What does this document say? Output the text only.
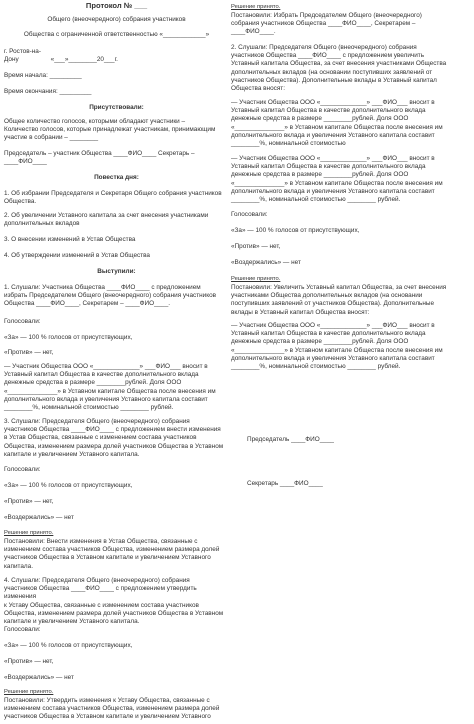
Протокол № ___
Общего (внеочередного) собрания участников
Общества с ограниченной ответственностью «____________»
г. Ростов-на-
Дону                  «___»________20___г.
Время начала: _________
Время окончания: _________
Присутствовали:
Общее количество голосов, которыми обладают участники –
Количество голосов, которые принадлежат участникам, принимающим
участие в собрании – ________
Председатель – участник Общества ____ФИО____ Секретарь –
____ФИО____
Повестка дня:
1. Об избрании Председателя и Секретаря Общего собрания участников
Общества.
2. Об увеличении Уставного капитала за счет внесения участниками
дополнительных вкладов
3. О внесении изменений в Устав Общества
4. Об утверждении изменений в Устав Общества
Выступили:
1. Слушали: Участника Общества ____ФИО____ с предложением
избрать Председателем Общего (внеочередного) собрания участников
Общества ____ФИО____, Секретарем – ____ФИО____.
Голосовали:
«За» — 100 % голосов от присутствующих,
«Против» — нет,
— Участник Общества ООО «_____________» ___ФИО___ вносит в
Уставный капитал Общества в качестве дополнительного вклада
денежные средства в размере ________рублей. Доля ООО
«______________» в Уставном капитале Общества после внесения им
дополнительного вклада и увеличения Уставного капитала составит
________%, номинальной стоимостью ________ рублей.
3. Слушали: Председателя Общего (внеочередного) собрания
участников Общества ____ФИО____ с предложением внести изменения
в Устав Общества, связанные с изменением состава участников
Общества, изменением размера долей участников Общества в Уставном
капитале и увеличением Уставного капитала.
Голосовали:
«За» — 100 % голосов от присутствующих,
«Против» — нет,
«Воздержались» — нет
Решение принято.
Постановили: Внести изменения в Устав Общества, связанные с
изменением состава участников Общества, изменением размера долей
участников Общества в Уставном капитале и увеличением Уставного
капитала.
4. Слушали: Председателя Общего (внеочередного) собрания
участников Общества ____ФИО____ с предложением утвердить изменения
к Уставу Общества, связанные с изменением состава участников
Общества, изменением размера долей участников Общества в Уставном
капитале и увеличением Уставного капитала.
Голосовали:
«За» — 100 % голосов от присутствующих,
«Против» — нет,
«Воздержались» — нет
Решение принято.
Постановили: Утвердить изменения к Уставу Общества, связанные с
изменением состава участников Общества, изменением размера долей
участников Общества в Уставном капитале и увеличением Уставного
Решение принято.
Постановили: Избрать Председателем Общего (внеочередного)
собрания участников Общества ____ФИО____, Секретарем –
____ФИО____.
2. Слушали: Председателя Общего (внеочередного) собрания
участников Общества ____ФИО____ с предложением увеличить
Уставный капитала Общества, за счет внесения участниками Общества
дополнительных вкладов (на основании поступивших заявлений от
участников Общества). Дополнительные вклады в Уставный капитал
Общества вносят:
— Участник Общества ООО «_____________» ___ФИО___ вносит в
Уставный капитал Общества в качестве дополнительного вклада
денежные средства в размере ________рублей. Доля ООО
«______________» в Уставном капитале Общества после внесения им
дополнительного вклада и увеличения Уставного капитала составит
________%, номинальной стоимостью
— Участник Общества ООО «_____________» ___ФИО___ вносит в
Уставный капитал Общества в качестве дополнительного вклада
денежные средства в размере ________рублей. Доля ООО
«______________» в Уставном капитале Общества после внесения им
дополнительного вклада и увеличения Уставного капитала составит
________%, номинальной стоимостью ________ рублей.
Голосовали:
«За» — 100 % голосов от присутствующих,
«Против» — нет,
«Воздержались» — нет
Решение принято.
Постановили: Увеличить Уставный капитал Общества, за счет внесения
участниками Общества дополнительных вкладов (на основании
поступивших заявлений от участников Общества). Дополнительные
вклады в Уставный капитал Общества вносят:
— Участник Общества ООО «_____________» ___ФИО___ вносит в
Уставный капитал Общества в качестве дополнительного вклада
денежные средства в размере ________рублей. Доля ООО
«______________» в Уставном капитале Общества после внесения им
дополнительного вклада и увеличения Уставного капитала составит
________%, номинальной стоимостью ________ рублей.
Председатель ____ФИО____
Секретарь ____ФИО____
